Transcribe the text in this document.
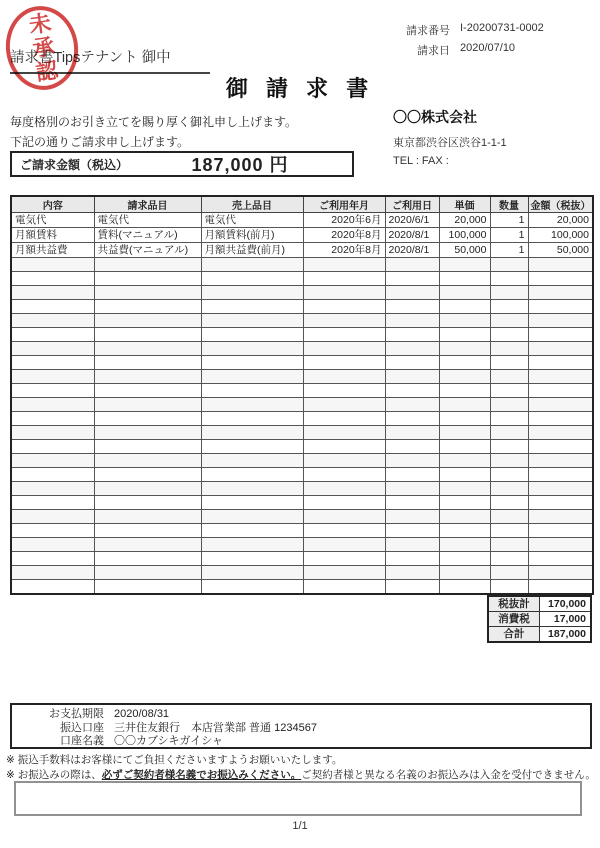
未承認
請求書Tipsテナント 御中
請求番号 I-20200731-0002
請求日 2020/07/10
御 請 求 書
毎度格別のお引き立てを賜り厚く御礼申し上げます。
下記の通りご請求申し上げます。
〇〇株式会社
東京都渋谷区渋谷1-1-1
TEL : FAX :
ご請求金額（税込）	187,000 円
内容	請求品目	売上品目	ご利用年月	ご利用日	単価	数量	金額（税抜）
電気代	電気代	電気代	2020年6月	2020/6/1	20,000	1	20,000
月額賃料	賃料(マニュアル)	月額賃料(前月)	2020年8月	2020/8/1	100,000	1	100,000
月額共益費	共益費(マニュアル)	月額共益費(前月)	2020年8月	2020/8/1	50,000	1	50,000

税抜計	170,000
消費税	17,000
合計	187,000
お支払期限 2020/08/31
振込口座 三井住友銀行　本店営業部 普通 1234567
口座名義 〇〇カブシキガイシャ
※ 振込手数料はお客様にてご負担くださいますようお願いいたします。
※ お振込みの際は、必ずご契約者様名義でお振込みください。ご契約者様と異なる名義のお振込みは入金を受付できません。
1/1
